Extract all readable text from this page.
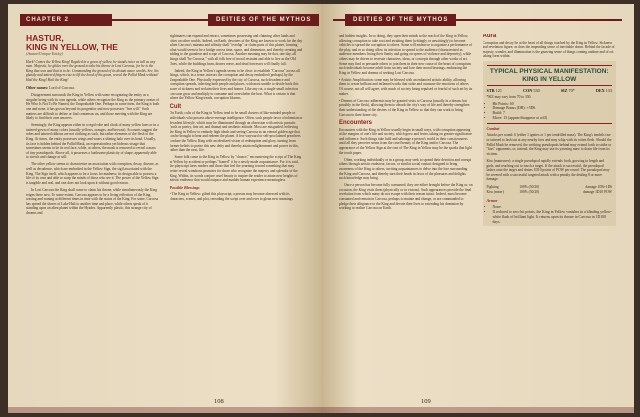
CHAPTER 2	DEITIES OF THE MYTHOS
HASTUR,
KING IN YELLOW, THE
(Avatar/Unique Entity)
Hark! Comes the Yellow King! Regaled in a gown of yellow, he stands twice as tall as any man. Majestic, he glides over the ground to take his throne in Lost Carcosa, for he is the King that was and that is to be. Commanding the ground of its distant azure worlds. See, his ghastly and tattered fingers rise to lift the hood of his gown, reveal the Pallid Mask without! Hail the King! Hail the King!
Other names: Lord of Carcosa.

Disagreement surrounds the King in Yellow with some recognizing the entity as a singular being with its own agenda, while others recognize the King as the primary avatar of He Who Is Not To Be Named, the Unspeakable One. Perhaps in some form, the King is both one and none, it has grown beyond its progenitor and now possesses "free will." Such matters are difficult to define or find consensus on, and those meeting with the King are likely to find their own answers.

Seemingly, the King appears either in a regal robe and cloak of many yellow hues or in a tattered gown of many colors (usually yellows, oranges, and browns). Accounts suggest the robes and tattered ribbons are not clothing as such, but rather elements of the flesh of the King. At times, the entity possesses wings and wears a shining halo over its head. Usually, its face is hidden behind the Pallid Mask, an expressionless yet hideous visage that sometimes seems to be its real face, while, at others, the mask is removed to reveal a mass of tiny pseudopods. Above all, it possesses a loathsome plasticity of shape, apparently able to stretch and change at will.

The other yellow seems to characterize an association with corruption, decay, disease, as well as decadence, which are embodied in the Yellow Sign, the sigil associated with the King. The Sign itself, which appears to be a focus for madness; its design able to possess a life of its own and able to warp the minds of those who see it. The power of the Yellow Sign is tangible and real, and one does not look upon it without good reason.

In Lost Carcosa the King shall come to claim his throne, while simultaneously the King reigns there now. To some extent, Carcosa appears to be a living reflection of the King, waxing and waning at different times in time with the status of the King. For some, Carcosa has spread the shores of Lake Hali to another time and place, while others speak of it standing upon an alien planet within the Hyades. Apparently plastic, this strange city of dreams and

nightmares can expand and retract, sometimes possessing and claiming other lands and cities on other worlds. Indeed, on Earth, devotees of the King are known to work for the day when Carcosa's miasma and affinity shall "overlap" or claim parts of this planet, forming what would seem to be a bridge across time, space, and dimension, and thereby creating and adding to the grandeur and scope of Carcosa. Another meaning may be that, one day, all things shall "be Carcosa," with all folk free of moral restraint and able to live as the Old Ones, while the buildings burn, drones reave, and dead fortresses will finally fall.

Indeed, the King in Yellow's agenda seems to be clear: to establish "Carcosa" across all things, which, in a sense, mirrors the corruption and decay embodied (perhaps) by the Unspeakable One. Physically expressed by the city of Carcosa, such decadence and corruption spreads, infecting both people and places, with most unable to divide back this wave of sickness and reclaim their lives and homes. Like any rot, a single small infection can soon grow and multiply to consume and overwhelm the host. What is certain is that where the Yellow King treads, corruption blooms.

Cult

On Earth, cults of the King in Yellow tend to be small clusters of like-minded people or individuals who possess above-average intelligence. Often, such people favor a bohemian or decadent lifestyle, which may be illuminated through an obsession with artistic pursuits (such as poetry, fine art, and drama) and aesthetic attitude. Most are misguided, believing the King in Yellow to embody high ideals and seeing Carcosa as an eternal golden age that can be brought to bear and redeem the planet. A few wayward or self-proclaimed preachers confuse the Yellow King with an idealized vision of redemption and glory, turning from former beliefs to praise this new deity and thereby attain enlightenment and power in this, rather than the next, life.

Some folk come to the King in Yellow by "chance," encountering the script of The King in Yellow by accident or perhaps "loaned" it by a newly made acquaintance. For it is said, the playscript lures readers and those that feel the yearning toward something that may better reveal wondrous promises for those who recognize the majesty and splendor of the King. Within, its words conjure cruel beauty to inspire the reader to attain new heights of artistic endeavor that would outpace and madder human experience meaningless.

Possible Blessings

• The King in Yellow: gifted this playscript, a person may become obsessed with its characters, scenes, and plot, rereading the script over and over to glean new meanings

108
DEITIES OF THE MYTHOS

and hidden insights. In so doing, they open their minds to the reach of the King in Yellow, allowing corruption to take root and awaking them (wittingly or unwittingly) to become vehicles to spread the corruption to others. Some will endeavor to organize a performance of the play, and in so doing allow its infection to spread to the audience (characterized as audience members losing their Sanity and going on sprees of violence and depravity), while others may be driven to recreate characters, ideas, or concepts through other works of art. Some may find or persuade others to join them in their new cause of the heart of corruption; such individuals become adrift from society and lose their moral bearings, embracing the King in Yellow and dreams of seeking Lost Carcosa.

• Artistic Amplification: some may be blessed with an enhanced artistic ability, allowing them to create brilliant and inflamed works that stoke and consume the emotions of others. Of course, not all will agree, with much of society being repulsed or fearful of such art by its maker.

• Dreams of Carcosa: adherents may be granted visits to Carcosa (usually in a dream, but possibly in the flesh), allowing them to absorb the city's way of life and thereby strengthen their understanding of the desires of the King in Yellow so that they can work to bring Carcosa to their home city.

Encounters

Encounters with the King in Yellow usually begin in small ways, with corruption appearing at the margins of one's life and society, which grow and fester, taking on greater significance and influence. Such things take hold and sabotage a person's world in their consciousness until all they perceive stems from the cruel beauty of the King and/or Carcosa. The appearance of the Yellow Sign at the root of The King in Yellow may be the sparks that light the touch paper.

Often, working individually or in a group, may seek to spread their devotion and corrupt others through artistic endeavor, favors, or similar social contact designed to bring awareness of the King to others, inviting acquaintances to delve into the lore surrounding the King and Carcosa, and thereby turn their heads in favor of the pleasures and delights such knowledge may bring.

Once a person has become fully consumed, they are either brought before the King or, on occasion, the King visits them (physically or in visions). Such appearances provide the final revelation from which many do not escape with their reason intact. Indeed, most become consumed and remain in Carcosa, perhaps to mutate and change, or are commanded to pledge their allegiance to the King and devote their lives to extending his dominion by working to realize Carcosa on Earth.

Aura

Corruption and decay lie at the heart of all things touched by the King in Yellow. Sickness and revelation figure, as does the impending sense of inevitable doom. Behind the facade of majesty, wonder, and illumination is the gnawing sense of things coming undone and of rot taking form within.

TYPICAL PHYSICAL MANIFESTATION:
KING IN YELLOW
STR 121	CON 530	SIZ 70*	DEX 133
*SIZ may vary from 70 to 350.
• Hit Points: 60
• Damage Bonus (DB): +5D6
• Build: 7
• Move: 15 (appear/disappear at will)
Combat

Attacks per round: 6 (either 1 ignites or 1 per tendrilled mass). The King's tendrils rise or tattered to lash out at any nearby foes and may whip with its rotten flesh. Should the Pallid Mask be removed, the writhing pseudopods behind may extend forth to strike or "kiss" opponents, or, instead, the King may use its yawning maw to drain life from its victims.

Kiss (maneuver): a single pseudopod rapidly extends forth, growing in length and girth, and reaching out to touch a target. If the attack is successful, the pseudopod lashes onto the target and drains 1D10 points of POW per round. The pseudopod may be severed with a successful targeted attack with a penalty die dealing 8 or more damage.

Fighting	100% (50/20)	damage 1D6+1D6
Kiss (mnvr)	100% (50/20)	damage 1D10 POW
Armor
• None.
• If reduced to zero hit points, the King in Yellow vanishes in a blinding yellow-white flash of brilliant light. It returns upon its throne in Carcosa in 1D100 days.
109
